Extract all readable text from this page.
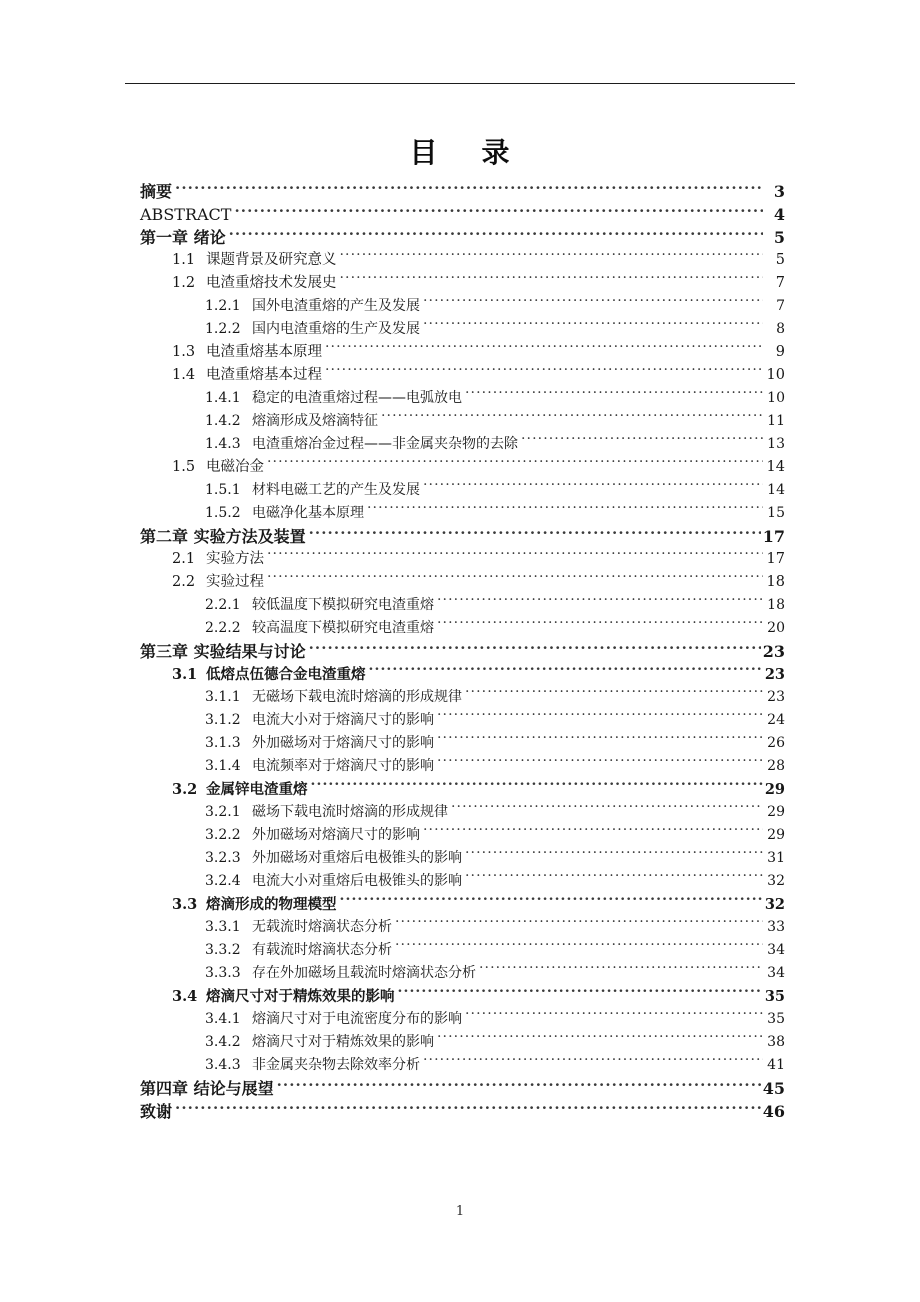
目    录
摘要 .....	3
ABSTRACT .....	4
第一章 绪论 .....	5
1.1 课题背景及研究意义 .....	5
1.2 电渣重熔技术发展史 .....	7
1.2.1 国外电渣重熔的产生及发展 .....	7
1.2.2 国内电渣重熔的生产及发展 .....	8
1.3 电渣重熔基本原理 .....	9
1.4 电渣重熔基本过程 .....	10
1.4.1 稳定的电渣重熔过程——电弧放电 .....	10
1.4.2 熔滴形成及熔滴特征 .....	11
1.4.3 电渣重熔冶金过程——非金属夹杂物的去除 .....	13
1.5 电磁冶金 .....	14
1.5.1 材料电磁工艺的产生及发展 .....	14
1.5.2 电磁净化基本原理 .....	15
第二章 实验方法及装置 .....	17
2.1 实验方法 .....	17
2.2 实验过程 .....	18
2.2.1 较低温度下模拟研究电渣重熔 .....	18
2.2.2 较高温度下模拟研究电渣重熔 .....	20
第三章 实验结果与讨论 .....	23
3.1 低熔点伍德合金电渣重熔 .....	23
3.1.1 无磁场下载电流时熔滴的形成规律 .....	23
3.1.2 电流大小对于熔滴尺寸的影响 .....	24
3.1.3 外加磁场对于熔滴尺寸的影响 .....	26
3.1.4 电流频率对于熔滴尺寸的影响 .....	28
3.2 金属锌电渣重熔 .....	29
3.2.1 磁场下载电流时熔滴的形成规律 .....	29
3.2.2 外加磁场对熔滴尺寸的影响 .....	29
3.2.3 外加磁场对重熔后电极锥头的影响 .....	31
3.2.4 电流大小对重熔后电极锥头的影响 .....	32
3.3 熔滴形成的物理模型 .....	32
3.3.1 无载流时熔滴状态分析 .....	33
3.3.2 有载流时熔滴状态分析 .....	34
3.3.3 存在外加磁场且载流时熔滴状态分析 .....	34
3.4 熔滴尺寸对于精炼效果的影响 .....	35
3.4.1 熔滴尺寸对于电流密度分布的影响 .....	35
3.4.2 熔滴尺寸对于精炼效果的影响 .....	38
3.4.3 非金属夹杂物去除效率分析 .....	41
第四章 结论与展望 .....	45
致谢 .....	46
1
